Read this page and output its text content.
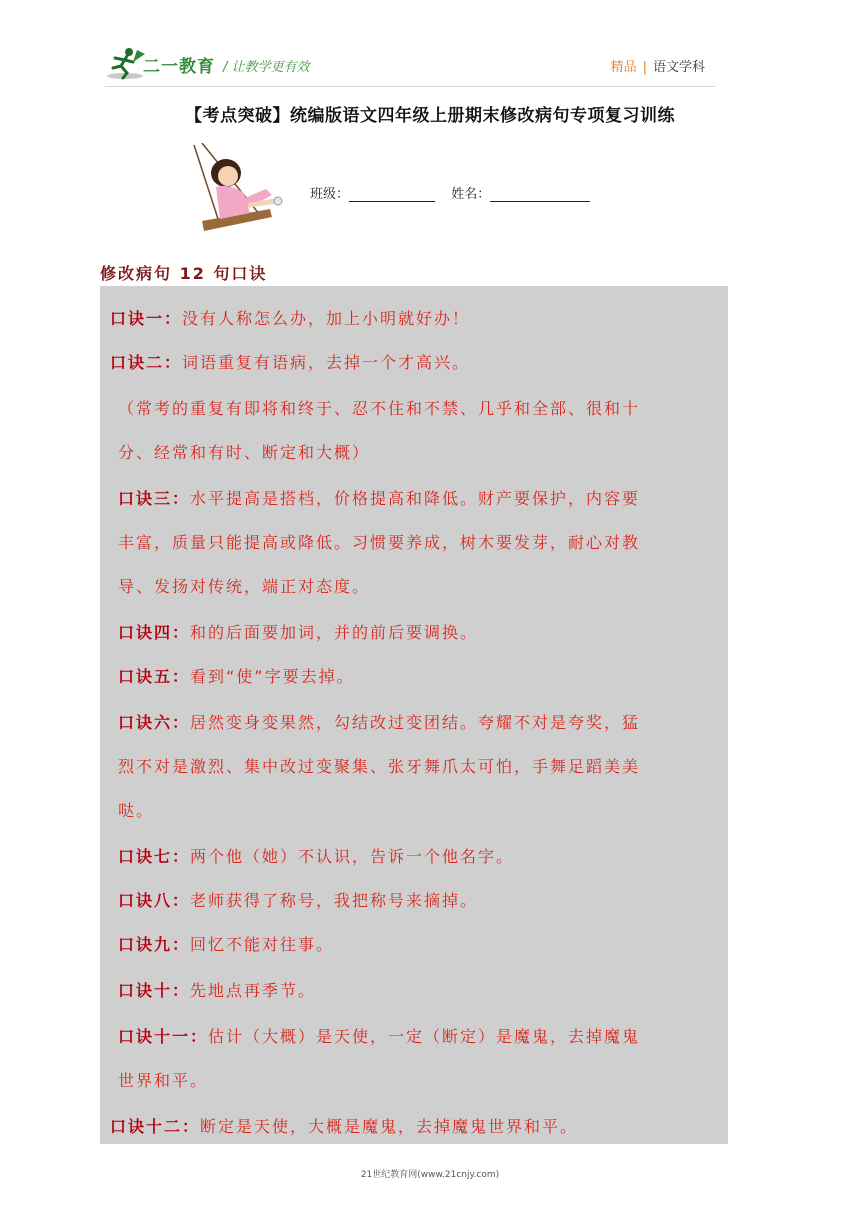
二一教育 / 让教学更有效	精品 | 语文学科
【考点突破】统编版语文四年级上册期末修改病句专项复习训练
班级：	姓名：
修改病句 12 句口诀
口诀一：没有人称怎么办，加上小明就好办！
口诀二：词语重复有语病，去掉一个才高兴。
（常考的重复有即将和终于、忍不住和不禁、几乎和全部、很和十
分、经常和有时、断定和大概）
口诀三：水平提高是搭档，价格提高和降低。财产要保护，内容要
丰富，质量只能提高或降低。习惯要养成，树木要发芽，耐心对教
导、发扬对传统，端正对态度。
口诀四：和的后面要加词，并的前后要调换。
口诀五：看到“使”字要去掉。
口诀六：居然变身变果然，勾结改过变团结。夸耀不对是夸奖，猛
烈不对是激烈、集中改过变聚集、张牙舞爪太可怕，手舞足蹈美美
哒。
口诀七：两个他（她）不认识，告诉一个他名字。
口诀八：老师获得了称号，我把称号来摘掉。
口诀九：回忆不能对往事。
口诀十：先地点再季节。
口诀十一：估计（大概）是天使，一定（断定）是魔鬼，去掉魔鬼
世界和平。
口诀十二：断定是天使，大概是魔鬼，去掉魔鬼世界和平。
21世纪教育网(www.21cnjy.com)
